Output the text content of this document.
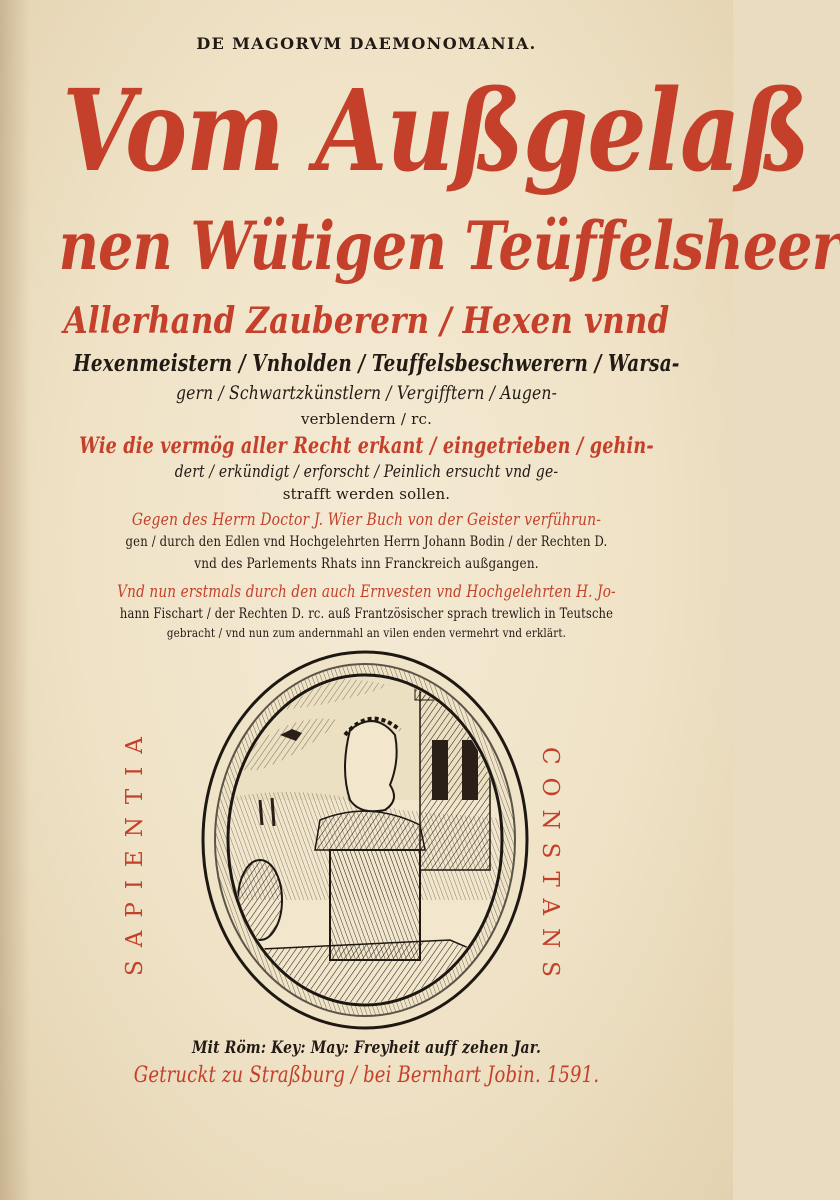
DE MAGORVM DAEMONOMANIA.
Vom Außgelaß
nen Wütigen Teüffelsheer
Allerhand Zauberern / Hexen vnnd
Hexenmeistern / Vnholden / Teuffelsbeschwerern / Warsa-
gern / Schwartzkünstlern / Vergifftern / Augen-
verblendern / rc.
Wie die vermög aller Recht erkant / eingetrieben / gehin-
dert / erkündigt / erforscht / Peinlich ersucht vnd ge-
strafft werden sollen.
Gegen des Herrn Doctor J. Wier Buch von der Geister verführun-
gen / durch den Edlen vnd Hochgelehrten Herrn Johann Bodin / der Rechten D.
vnd des Parlements Rhats inn Franckreich außgangen.
Vnd nun erstmals durch den auch Ernvesten vnd Hochgelehrten H. Jo-
hann Fischart / der Rechten D. rc. auß Frantzösischer sprach trewlich in Teutsche
gebracht / vnd nun zum andernmahl an vilen enden vermehrt vnd erklärt.
SAPIENTIA	CONSTANS
Mit Röm: Key: May: Freyheit auff zehen Jar.
Getruckt zu Straßburg / bei Bernhart Jobin. 1591.
